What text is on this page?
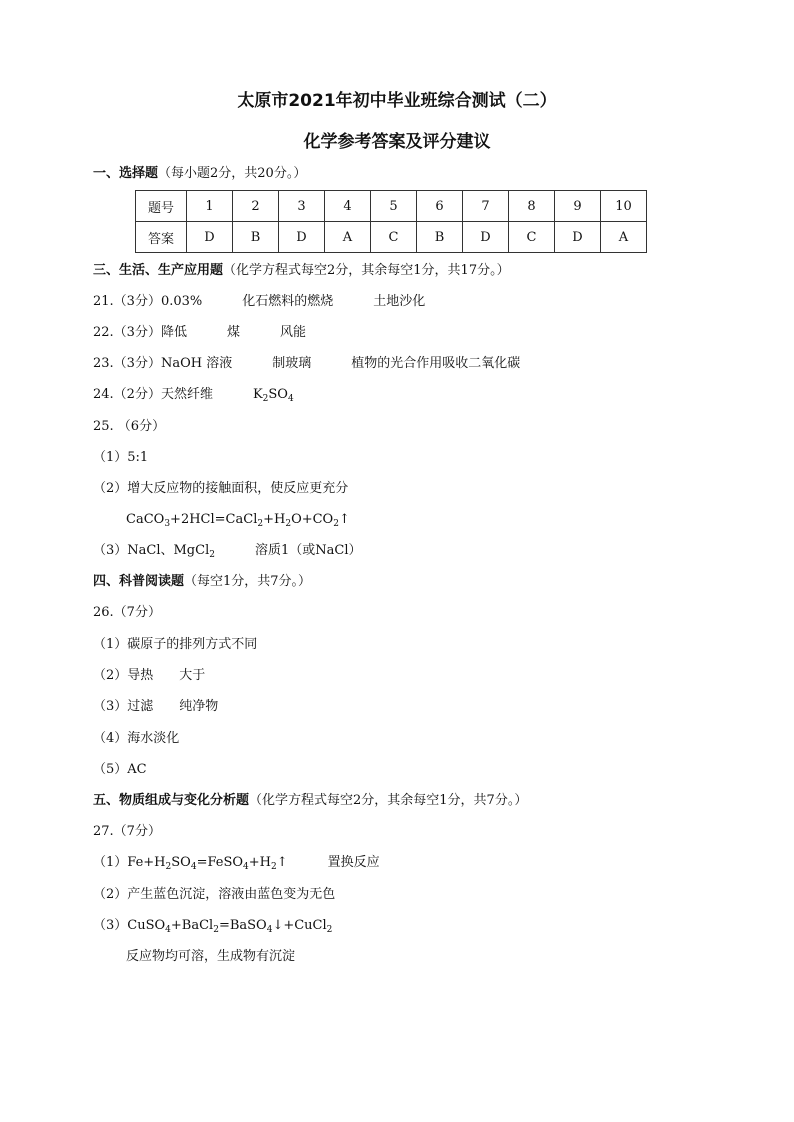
太原市2021年初中毕业班综合测试（二）
化学参考答案及评分建议
一、选择题（每小题2分，共20分。）
题号	1	2	3	4	5	6	7	8	9	10
答案	D	B	D	A	C	B	D	C	D	A
三、生活、生产应用题（化学方程式每空2分，其余每空1分，共17分。）
21.（3分）0.03%	化石燃料的燃烧	土地沙化
22.（3分）降低	煤	风能
23.（3分）NaOH 溶液	制玻璃	植物的光合作用吸收二氧化碳
24.（2分）天然纤维	$K_2SO_4$
25. （6分）
（1）5:1
（2）增大反应物的接触面积，使反应更充分
$CaCO_3+2HCl=CaCl_2+H_2O+CO_2↑$
（3）NaCl、MgCl$_2$	溶质1（或NaCl）
四、科普阅读题（每空1分，共7分。）
26.（7分）
（1）碳原子的排列方式不同
（2）导热 大于
（3）过滤 纯净物
（4）海水淡化
（5）AC
五、物质组成与变化分析题（化学方程式每空2分，其余每空1分，共7分。）
27.（7分）
$(1)Fe+H_2SO_4=FeSO_4+H_2↑$	置换反应
（2）产生蓝色沉淀，溶液由蓝色变为无色
（3）CuSO$_4$+BaCl$_2$=BaSO$_4$↓+CuCl$_2$
反应物均可溶，生成物有沉淀
